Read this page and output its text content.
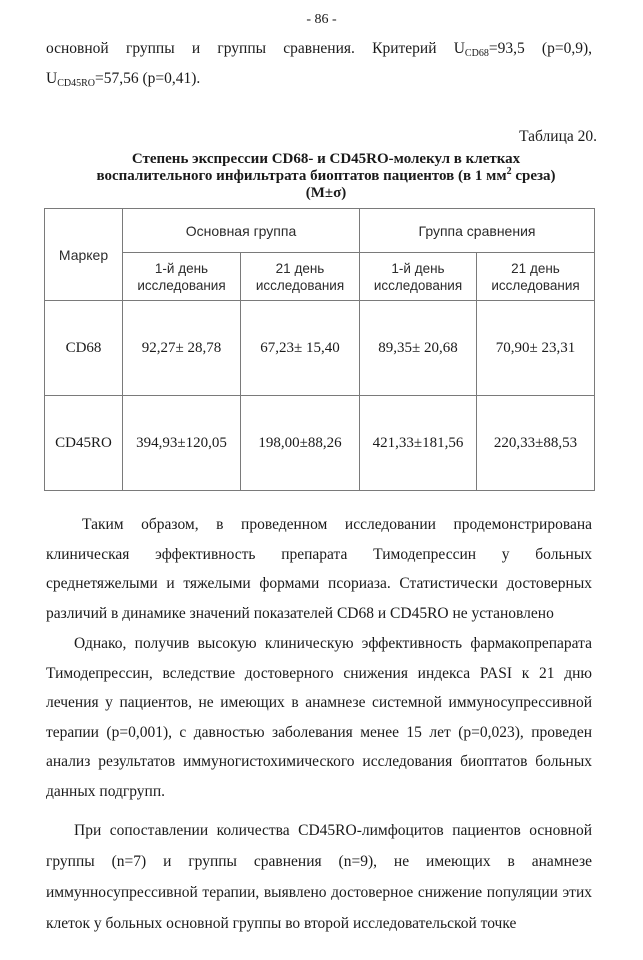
- 86 -

основной группы и группы сравнения. Критерий $U_{CD68}=93,5$ (p=0,9), $U_{CD45RO}=57,56$ (p=0,41).

Таблица 20.
Степень экспрессии CD68- и CD45RO-молекул в клетках
воспалительного инфильтрата биоптатов пациентов (в 1 $мм^2$ среза)
(M±σ)
Маркер	Основная группа		Группа сравнения	
	1-й день исследования	21 день исследования	1-й день исследования	21 день исследования
CD68	92,27± 28,78	67,23± 15,40	89,35± 20,68	70,90± 23,31
CD45RO	394,93±120,05	198,00±88,26	421,33±181,56	220,33±88,53

Таким образом, в проведенном исследовании продемонстрирована клиническая эффективность препарата Тимодепрессин у больных среднетяжелыми и тяжелыми формами псориаза. Статистически достоверных различий в динамике значений показателей CD68 и CD45RO не установлено

Однако, получив высокую клиническую эффективность фармакопрепарата Тимодепрессин, вследствие достоверного снижения индекса PASI к 21 дню лечения у пациентов, не имеющих в анамнезе системной иммуносупрессивной терапии (p=0,001), с давностью заболевания менее 15 лет (p=0,023), проведен анализ результатов иммуногистохимического исследования биоптатов больных данных подгрупп.

При сопоставлении количества CD45RO-лимфоцитов пациентов основной группы (n=7) и группы сравнения (n=9), не имеющих в анамнезе иммунносупрессивной терапии, выявлено достоверное снижение популяции этих клеток у больных основной группы во второй исследовательской точке
